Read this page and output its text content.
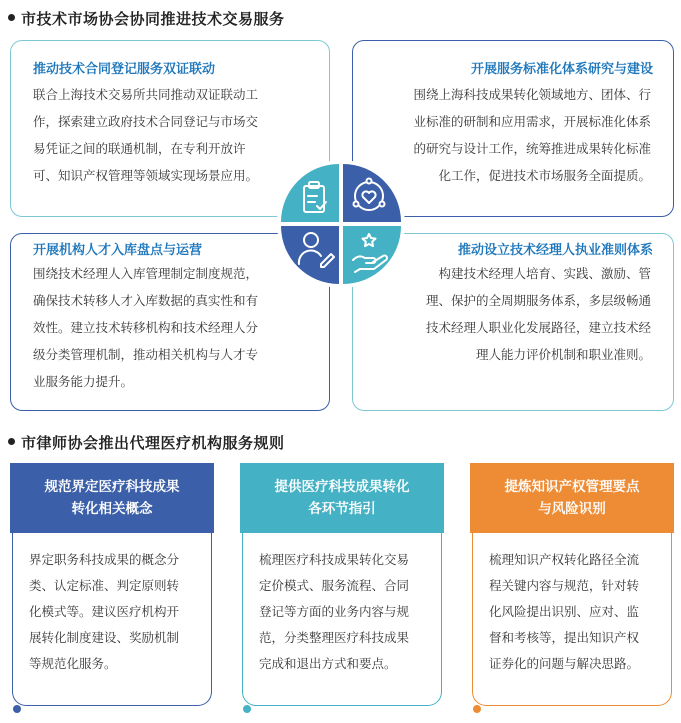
市技术市场协会协同推进技术交易服务
推动技术合同登记服务双证联动

联合上海技术交易所共同推动双证联动工
作，探索建立政府技术合同登记与市场交
易凭证之间的联通机制，在专利开放许
可、知识产权管理等领域实现场景应用。

开展服务标准化体系研究与建设

围绕上海科技成果转化领域地方、团体、行
业标准的研制和应用需求，开展标准化体系
的研究与设计工作，统筹推进成果转化标准
化工作，促进技术市场服务全面提质。

开展机构人才入库盘点与运营

围绕技术经理人入库管理制定制度规范，
确保技术转移人才入库数据的真实性和有
效性。建立技术转移机构和技术经理人分
级分类管理机制，推动相关机构与人才专
业服务能力提升。

推动设立技术经理人执业准则体系

构建技术经理人培育、实践、激励、管
理、保护的全周期服务体系，多层级畅通
技术经理人职业化发展路径，建立技术经
理人能力评价机制和职业准则。

市律师协会推出代理医疗机构服务规则
规范界定医疗科技成果
转化相关概念

界定职务科技成果的概念分
类、认定标准、判定原则转
化模式等。建议医疗机构开
展转化制度建设、奖励机制
等规范化服务。

提供医疗科技成果转化
各环节指引

梳理医疗科技成果转化交易
定价模式、服务流程、合同
登记等方面的业务内容与规
范，分类整理医疗科技成果
完成和退出方式和要点。

提炼知识产权管理要点
与风险识别

梳理知识产权转化路径全流
程关键内容与规范，针对转
化风险提出识别、应对、监
督和考核等，提出知识产权
证券化的问题与解决思路。
